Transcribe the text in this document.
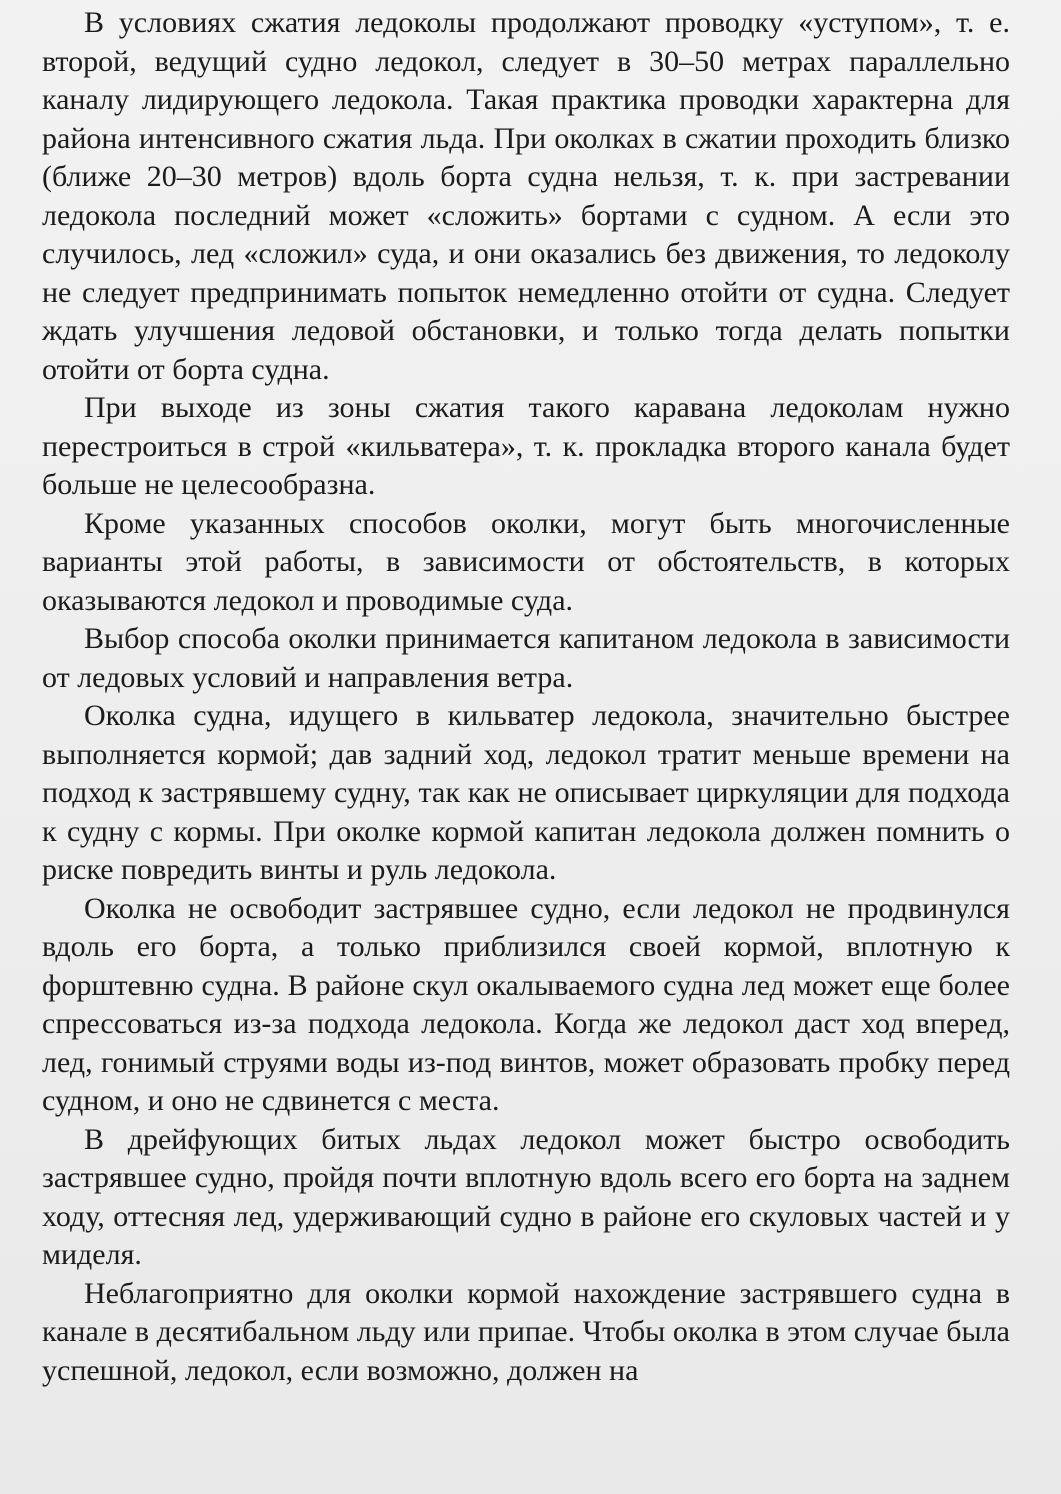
В условиях сжатия ледоколы продолжают проводку «уступом», т. е. второй, ведущий судно ледокол, следует в 30–50 метрах параллельно каналу лидирующего ледокола. Такая практика проводки характерна для района интенсивного сжатия льда. При околках в сжатии проходить близко (ближе 20–30 метров) вдоль борта судна нельзя, т. к. при застревании ледокола последний может «сложить» бортами с судном. А если это случилось, лед «сложил» суда, и они оказались без движения, то ледоколу не следует предпринимать попыток немедленно отойти от судна. Следует ждать улучшения ледовой обстановки, и только тогда делать попытки отойти от борта судна.

При выходе из зоны сжатия такого каравана ледоколам нужно перестроиться в строй «кильватера», т. к. прокладка второго канала будет больше не целесообразна.

Кроме указанных способов околки, могут быть многочисленные варианты этой работы, в зависимости от обстоятельств, в которых оказываются ледокол и проводимые суда.

Выбор способа околки принимается капитаном ледокола в зависимости от ледовых условий и направления ветра.

Околка судна, идущего в кильватер ледокола, значительно быстрее выполняется кормой; дав задний ход, ледокол тратит меньше времени на подход к застрявшему судну, так как не описывает циркуляции для подхода к судну с кормы. При околке кормой капитан ледокола должен помнить о риске повредить винты и руль ледокола.

Околка не освободит застрявшее судно, если ледокол не продвинулся вдоль его борта, а только приблизился своей кормой, вплотную к форштевню судна. В районе скул окалываемого судна лед может еще более спрессоваться из-за подхода ледокола. Когда же ледокол даст ход вперед, лед, гонимый струями воды из-под винтов, может образовать пробку перед судном, и оно не сдвинется с места.

В дрейфующих битых льдах ледокол может быстро освободить застрявшее судно, пройдя почти вплотную вдоль всего его борта на заднем ходу, оттесняя лед, удерживающий судно в районе его скуловых частей и у миделя.

Неблагоприятно для околки кормой нахождение застрявшего судна в канале в десятибальном льду или припае. Чтобы околка в этом случае была успешной, ледокол, если возможно, должен на
